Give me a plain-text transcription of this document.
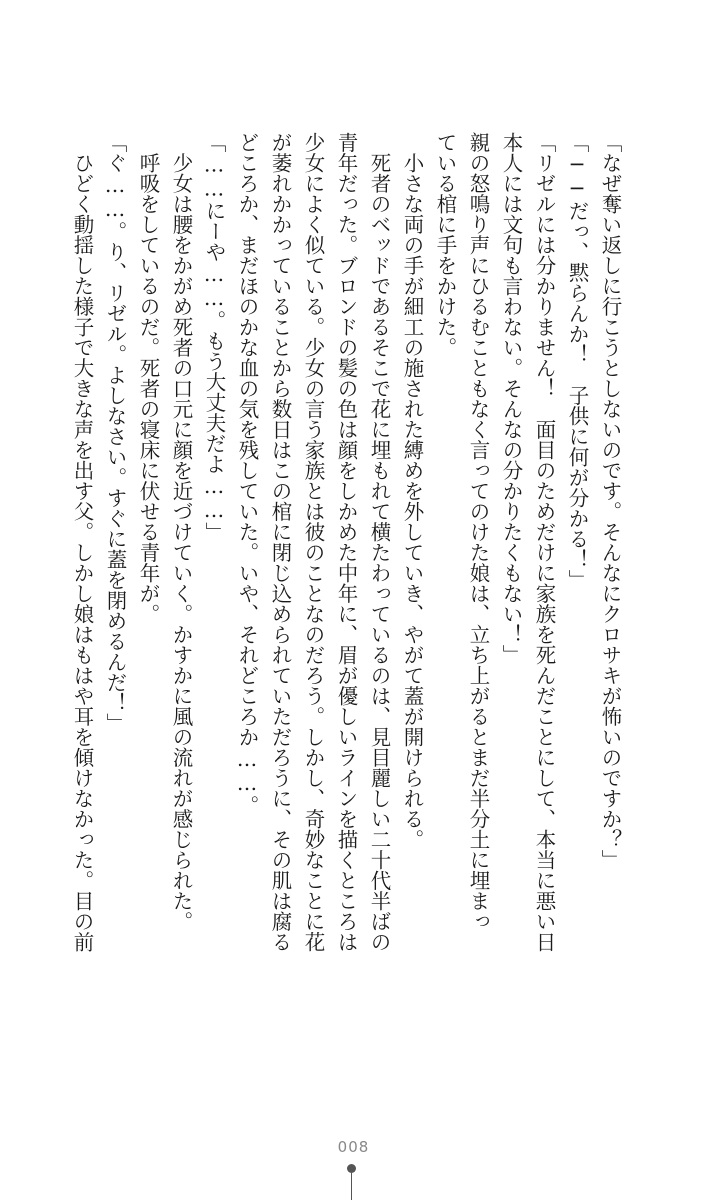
「なぜ奪い返しに行こうとしないのです。そんなにクロサキが怖いのですか？」
「──だっ、黙らんか！　子供に何が分かる！」
「リゼルには分かりません！　面目のためだけに家族を死んだことにして、本当に悪い日
本人には文句も言わない。そんなの分かりたくもない！」
親の怒鳴り声にひるむこともなく言ってのけた娘は、立ち上がるとまだ半分土に埋まっ
ている棺に手をかけた。
　小さな両の手が細工の施された縛めを外していき、やがて蓋が開けられる。
　死者のベッドであるそこで花に埋もれて横たわっているのは、見目麗しい二十代半ばの
青年だった。ブロンドの髪の色は顔をしかめた中年に、眉が優しいラインを描くところは
少女によく似ている。少女の言う家族とは彼のことなのだろう。しかし、奇妙なことに花
が萎れかかっていることから数日はこの棺に閉じ込められていただろうに、その肌は腐る
どころか、まだほのかな血の気を残していた。いや、それどころか……。
「……にーや……。もう大丈夫だよ……」
　少女は腰をかがめ死者の口元に顔を近づけていく。かすかに風の流れが感じられた。
　呼吸をしているのだ。死者の寝床に伏せる青年が。
「ぐ……。り、リゼル。よしなさい。すぐに蓋を閉めるんだ！」
　ひどく動揺した様子で大きな声を出す父。しかし娘はもはや耳を傾けなかった。目の前
008
